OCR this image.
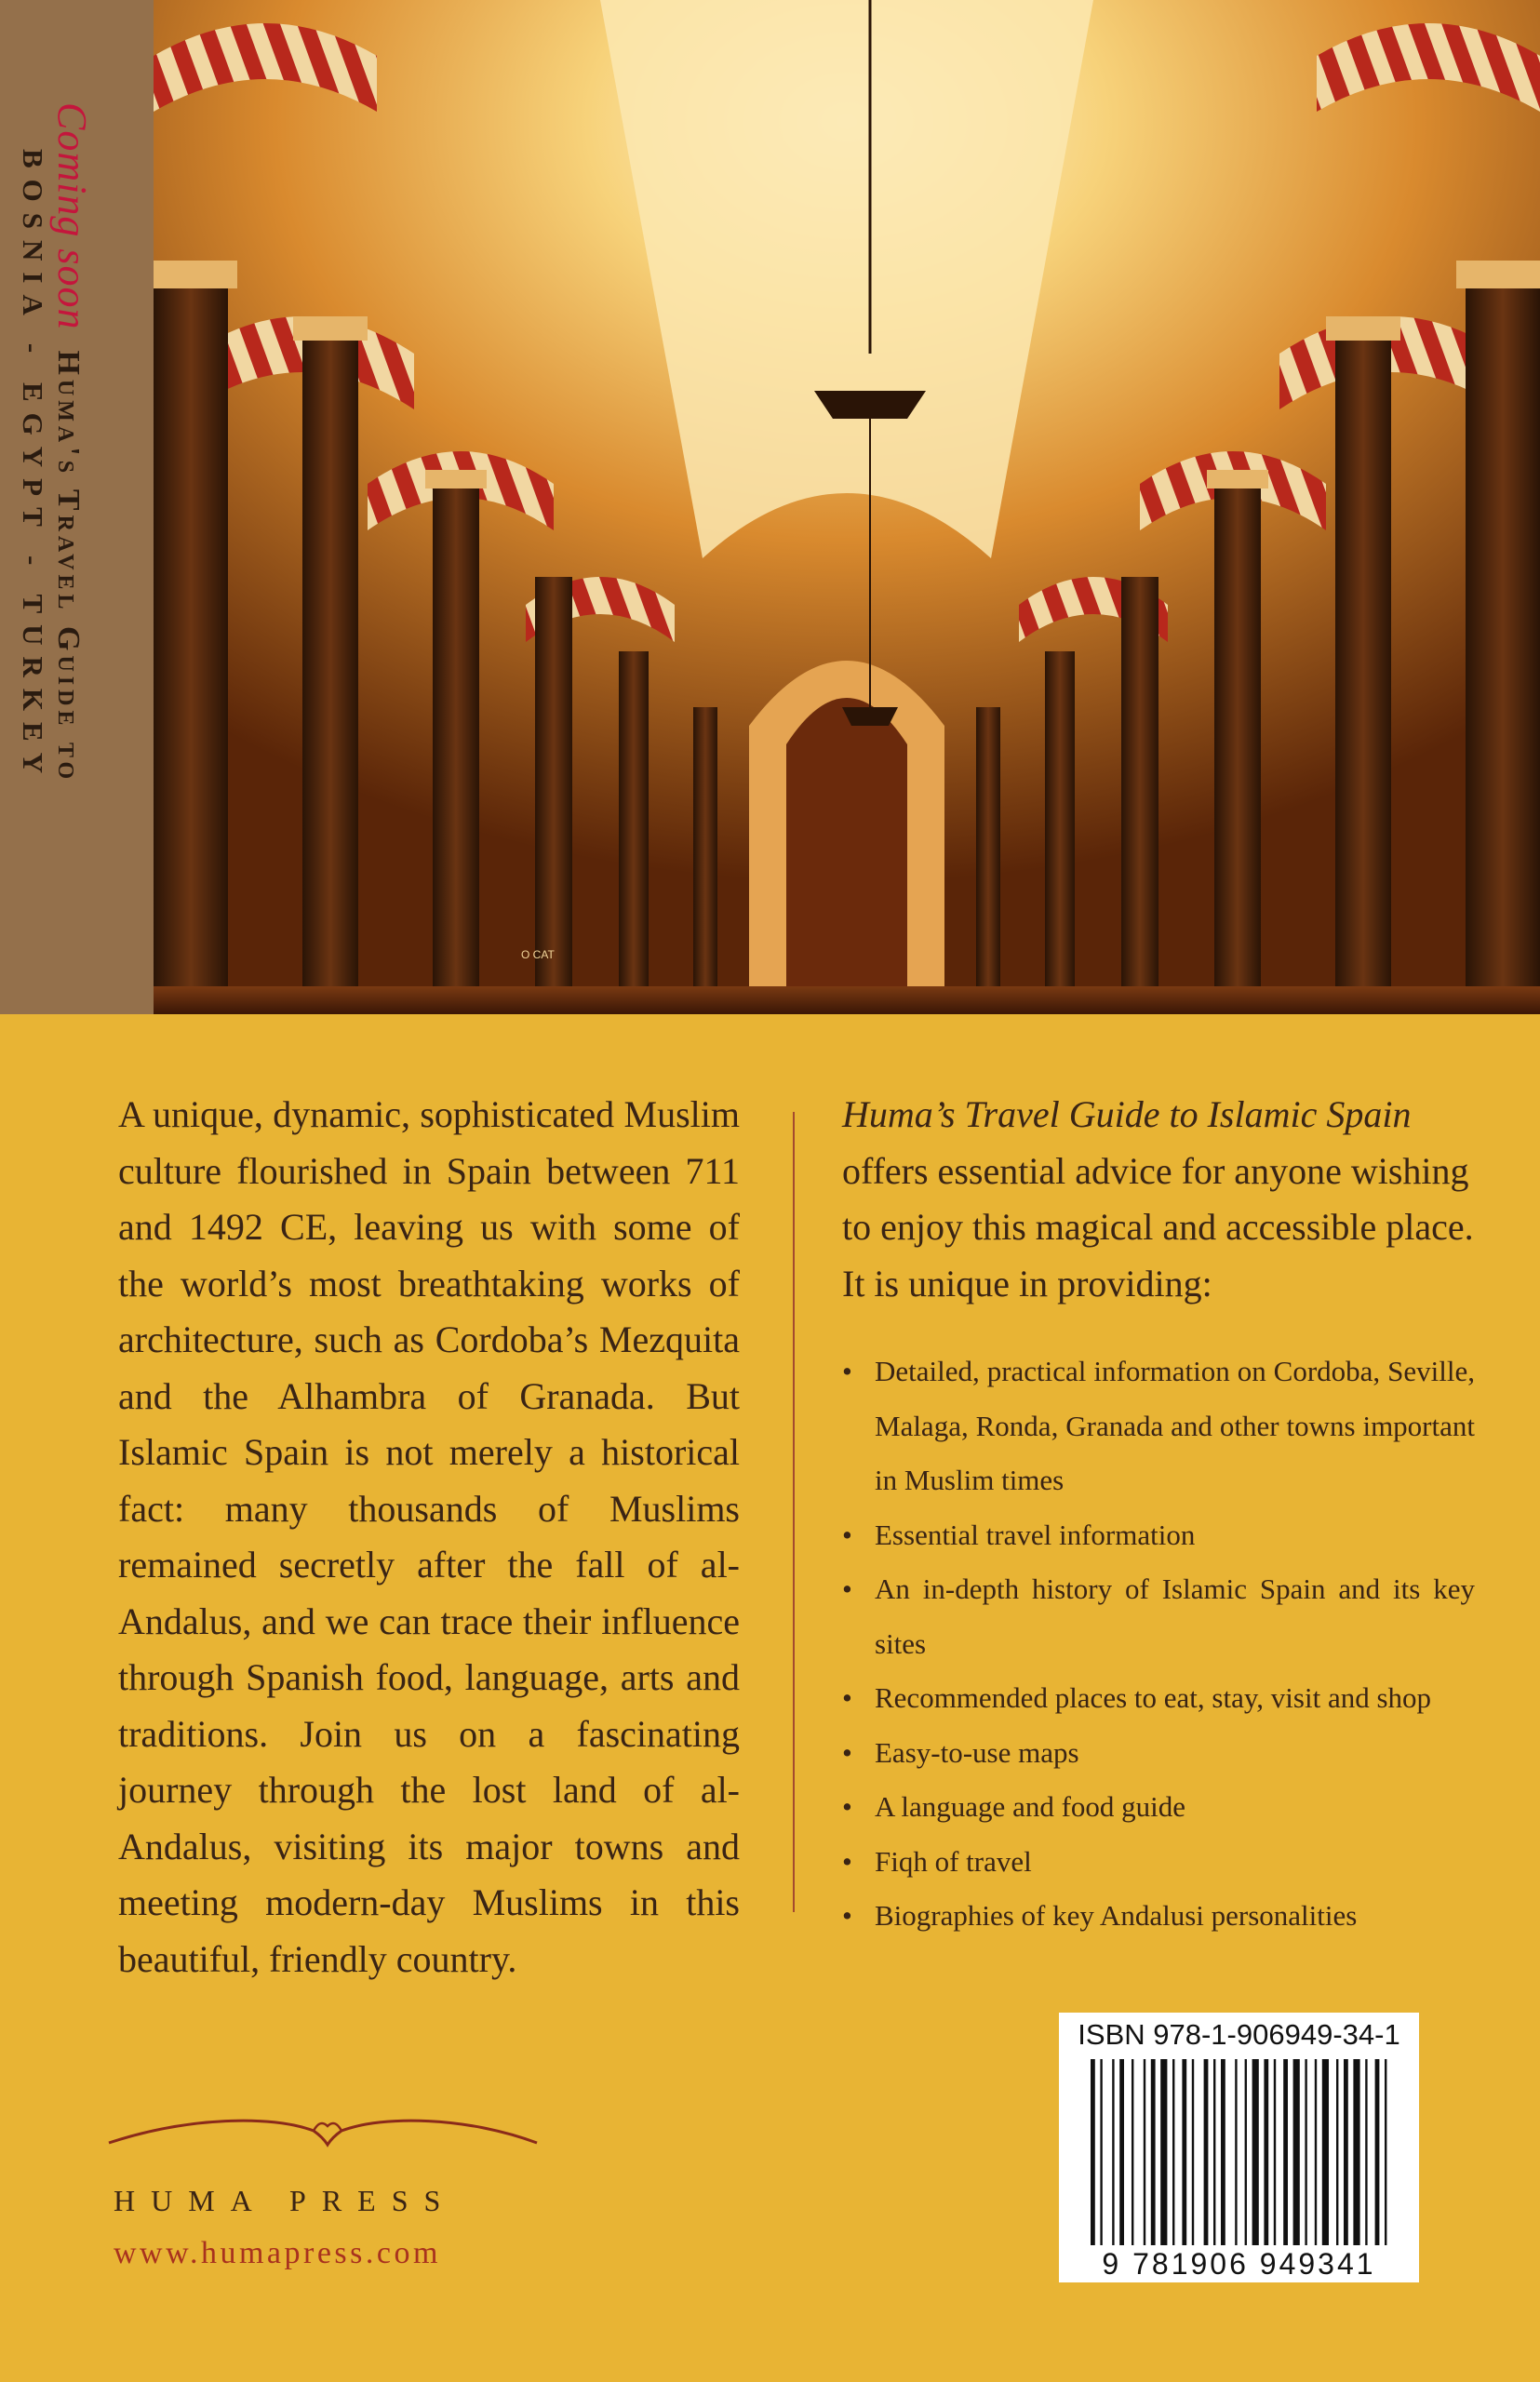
Coming soonHuma's Travel Guide to
BOSNIA - EGYPT - TURKEY
O CAT

A unique, dynamic, sophisticated Muslim culture flourished in Spain between 711 and 1492 CE, leaving us with some of the world’s most breathtaking works of architecture, such as Cordoba’s Mezquita and the Alhambra of Granada. But Islamic Spain is not merely a historical fact: many thousands of Muslims remained secretly after the fall of al-Andalus, and we can trace their influence through Spanish food, language, arts and traditions. Join us on a fascinating journey through the lost land of al-Andalus, visiting its major towns and meeting modern-day Muslims in this beautiful, friendly country.

Huma’s Travel Guide to Islamic Spain offers essential advice for anyone wishing to enjoy this magical and accessible place. It is unique in providing:

• Detailed, practical information on Cordoba, Seville, Malaga, Ronda, Granada and other towns important in Muslim times
• Essential travel information
• An in-depth history of Islamic Spain and its key sites
• Recommended places to eat, stay, visit and shop
• Easy-to-use maps
• A language and food guide
• Fiqh of travel
• Biographies of key Andalusi personalities
HUMA PRESS
www.humapress.com
ISBN 978-1-906949-34-1
9 781906 949341
